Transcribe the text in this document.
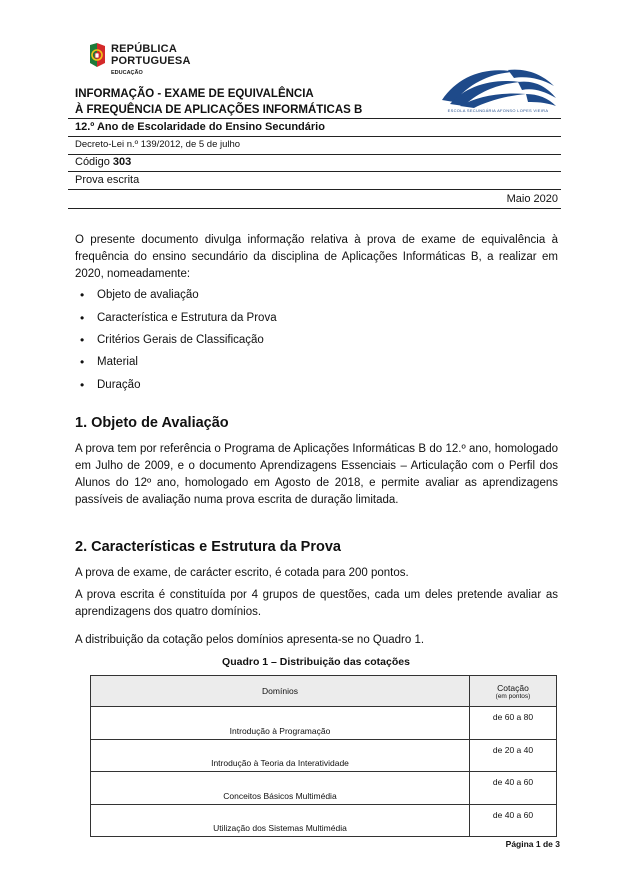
REPÚBLICA
PORTUGUESA
EDUCAÇÃO
ESCOLA SECUNDÁRIA AFONSO LOPES VIEIRA
INFORMAÇÃO - EXAME DE EQUIVALÊNCIA
À FREQUÊNCIA DE APLICAÇÕES INFORMÁTICAS B
12.º Ano de Escolaridade do Ensino Secundário
Decreto-Lei n.º 139/2012, de 5 de julho
Código 303
Prova escrita
Maio 2020
O presente documento divulga informação relativa à prova de exame de equivalência à frequência do ensino secundário da disciplina de Aplicações Informáticas B, a realizar em 2020, nomeadamente:
•	Objeto de avaliação
•	Característica e Estrutura da Prova
•	Critérios Gerais de Classificação
•	Material
•	Duração
1. Objeto de Avaliação
A prova tem por referência o Programa de Aplicações Informáticas B do 12.º ano, homologado em Julho de 2009, e o documento Aprendizagens Essenciais – Articulação com o Perfil dos Alunos do 12º ano, homologado em Agosto de 2018, e permite avaliar as aprendizagens passíveis de avaliação numa prova escrita de duração limitada.
2. Características e Estrutura da Prova
A prova de exame, de carácter escrito, é cotada para 200 pontos.
A prova escrita é constituída por 4 grupos de questões, cada um deles pretende avaliar as aprendizagens dos quatro domínios.
A distribuição da cotação pelos domínios apresenta-se no Quadro 1.
Quadro 1 – Distribuição das cotações
Domínios	Cotação
(em pontos)

Introdução à Programação	de 60 a 80
Introdução à Teoria da Interatividade	de 20 a 40
Conceitos Básicos Multimédia	de 40 a 60
Utilização dos Sistemas Multimédia	de 40 a 60
Página 1 de 3
